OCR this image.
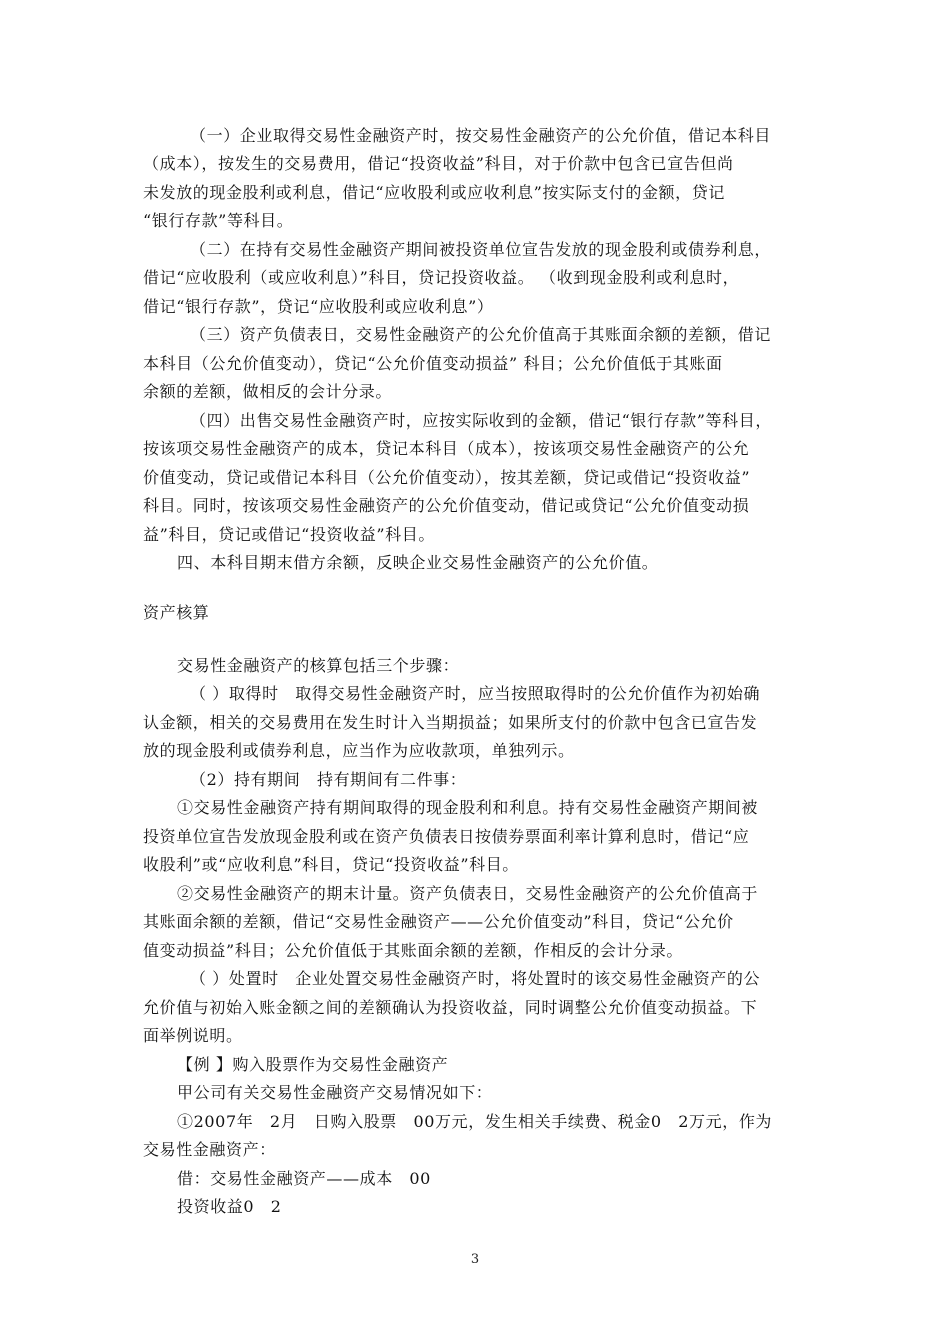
（一）企业取得交易性金融资产时，按交易性金融资产的公允价值，借记本科目
（成本），按发生的交易费用，借记“投资收益”科目，对于价款中包含已宣告但尚
未发放的现金股利或利息，借记“应收股利或应收利息”按实际支付的金额，贷记
“银行存款”等科目。
（二）在持有交易性金融资产期间被投资单位宣告发放的现金股利或债券利息，
借记“应收股利（或应收利息）”科目，贷记投资收益。 （收到现金股利或利息时，
借记“银行存款”，贷记“应收股利或应收利息”）
（三）资产负债表日，交易性金融资产的公允价值高于其账面余额的差额，借记
本科目（公允价值变动），贷记“公允价值变动损益” 科目；公允价值低于其账面
余额的差额，做相反的会计分录。
（四）出售交易性金融资产时，应按实际收到的金额，借记“银行存款”等科目，
按该项交易性金融资产的成本，贷记本科目（成本），按该项交易性金融资产的公允
价值变动，贷记或借记本科目（公允价值变动），按其差额，贷记或借记“投资收益”
科目。同时，按该项交易性金融资产的公允价值变动，借记或贷记“公允价值变动损
益”科目，贷记或借记“投资收益”科目。
四、本科目期末借方余额，反映企业交易性金融资产的公允价值。
资产核算
交易性金融资产的核算包括三个步骤：
（ ）取得时　取得交易性金融资产时，应当按照取得时的公允价值作为初始确
认金额，相关的交易费用在发生时计入当期损益；如果所支付的价款中包含已宣告发
放的现金股利或债券利息，应当作为应收款项，单独列示。
（2）持有期间　持有期间有二件事：
①交易性金融资产持有期间取得的现金股利和利息。持有交易性金融资产期间被
投资单位宣告发放现金股利或在资产负债表日按债券票面利率计算利息时，借记“应
收股利”或“应收利息”科目，贷记“投资收益”科目。
②交易性金融资产的期末计量。资产负债表日，交易性金融资产的公允价值高于
其账面余额的差额，借记“交易性金融资产——公允价值变动”科目，贷记“公允价
值变动损益”科目；公允价值低于其账面余额的差额，作相反的会计分录。
（ ）处置时　企业处置交易性金融资产时，将处置时的该交易性金融资产的公
允价值与初始入账金额之间的差额确认为投资收益，同时调整公允价值变动损益。下
面举例说明。
【例 】购入股票作为交易性金融资产
甲公司有关交易性金融资产交易情况如下：
①2007年　2月　日购入股票　00万元，发生相关手续费、税金0　2万元，作为
交易性金融资产：
借：交易性金融资产——成本　00
投资收益0　2
3
